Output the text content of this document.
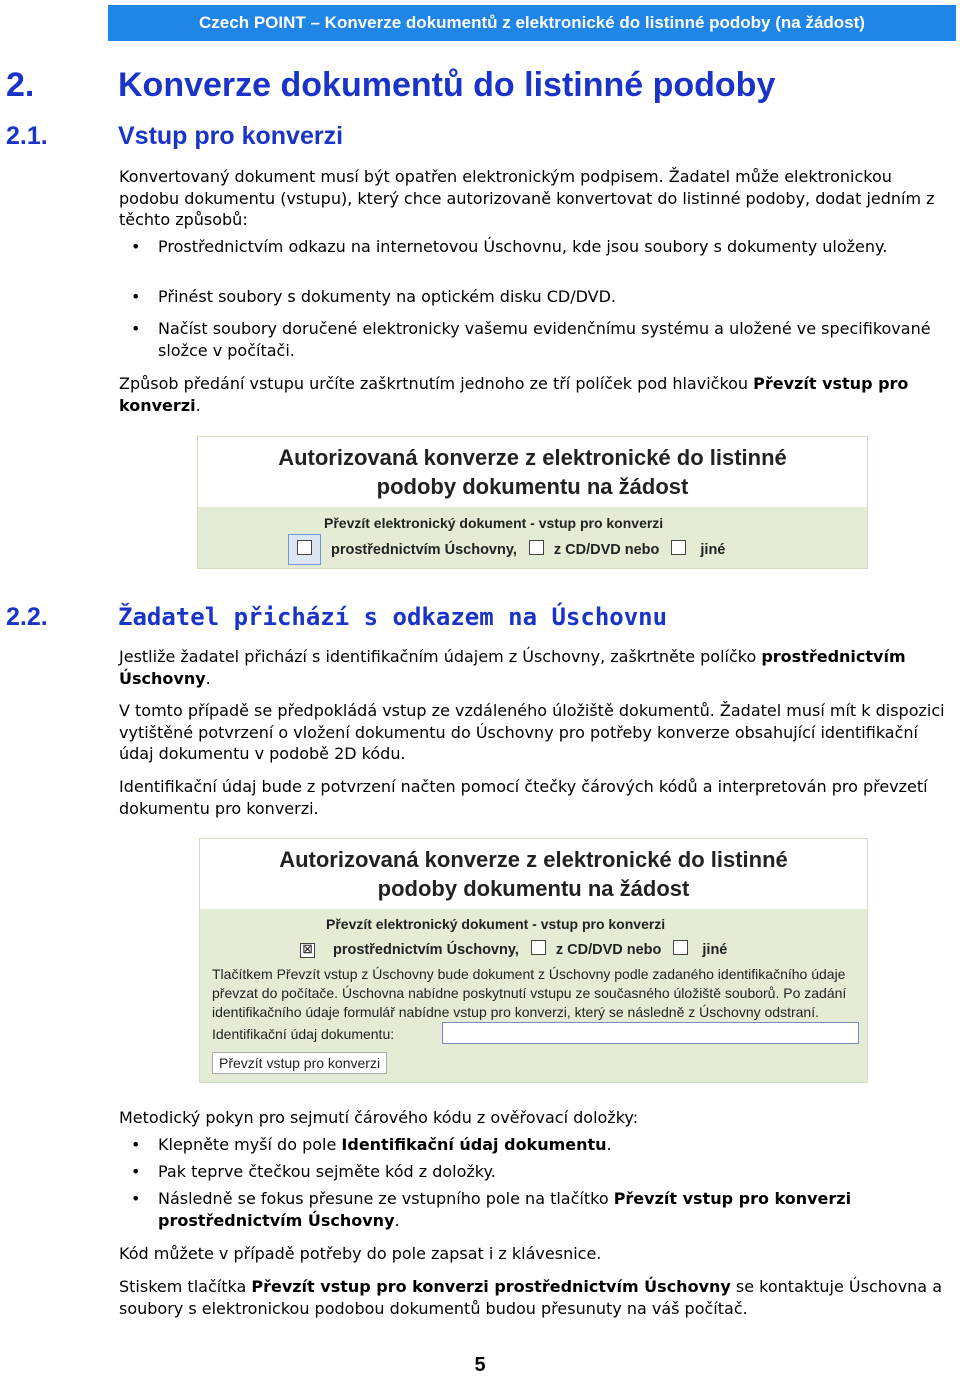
Czech POINT – Konverze dokumentů z elektronické do listinné podoby (na žádost)
2. Konverze dokumentů do listinné podoby
2.1.	Vstup pro konverzi
Konvertovaný dokument musí být opatřen elektronickým podpisem. Žadatel může elektronickou podobu dokumentu (vstupu), který chce autorizovaně konvertovat do listinné podoby, dodat jedním z těchto způsobů:
• Prostřednictvím odkazu na internetovou Úschovnu, kde jsou soubory s dokumenty uloženy.
• Přinést soubory s dokumenty na optickém disku CD/DVD.
• Načíst soubory doručené elektronicky vašemu evidenčnímu systému a uložené ve specifikované složce v počítači.
Způsob předání vstupu určíte zaškrtnutím jednoho ze tří políček pod hlavičkou Převzít vstup pro konverzi.
Autorizovaná konverze z elektronické do listinné
podoby dokumentu na žádost
Převzít elektronický dokument - vstup pro konverzi
prostřednictvím Úschovny,	z CD/DVD nebo	jiné
2.2.	Žadatel přichází s odkazem na Úschovnu
Jestliže žadatel přichází s identifikačním údajem z Úschovny, zaškrtněte políčko prostřednictvím Úschovny.
V tomto případě se předpokládá vstup ze vzdáleného úložiště dokumentů. Žadatel musí mít k dispozici vytištěné potvrzení o vložení dokumentu do Úschovny pro potřeby konverze obsahující identifikační údaj dokumentu v podobě 2D kódu.
Identifikační údaj bude z potvrzení načten pomocí čtečky čárových kódů a interpretován pro převzetí dokumentu pro konverzi.
Autorizovaná konverze z elektronické do listinné
podoby dokumentu na žádost
Převzít elektronický dokument - vstup pro konverzi
☒	prostřednictvím Úschovny,	z CD/DVD nebo	jiné
Tlačítkem Převzít vstup z Úschovny bude dokument z Úschovny podle zadaného identifikačního údaje převzat do počítače. Úschovna nabídne poskytnutí vstupu ze současného úložiště souborů. Po zadání identifikačního údaje formulář nabídne vstup pro konverzi, který se následně z Úschovny odstraní.
Identifikační údaj dokumentu:
Převzít vstup pro konverzi
Metodický pokyn pro sejmutí čárového kódu z ověřovací doložky:
• Klepněte myší do pole Identifikační údaj dokumentu.
• Pak teprve čtečkou sejměte kód z doložky.
• Následně se fokus přesune ze vstupního pole na tlačítko Převzít vstup pro konverzi prostřednictvím Úschovny.
Kód můžete v případě potřeby do pole zapsat i z klávesnice.
Stiskem tlačítka Převzít vstup pro konverzi prostřednictvím Úschovny se kontaktuje Úschovna a soubory s elektronickou podobou dokumentů budou přesunuty na váš počítač.
5
